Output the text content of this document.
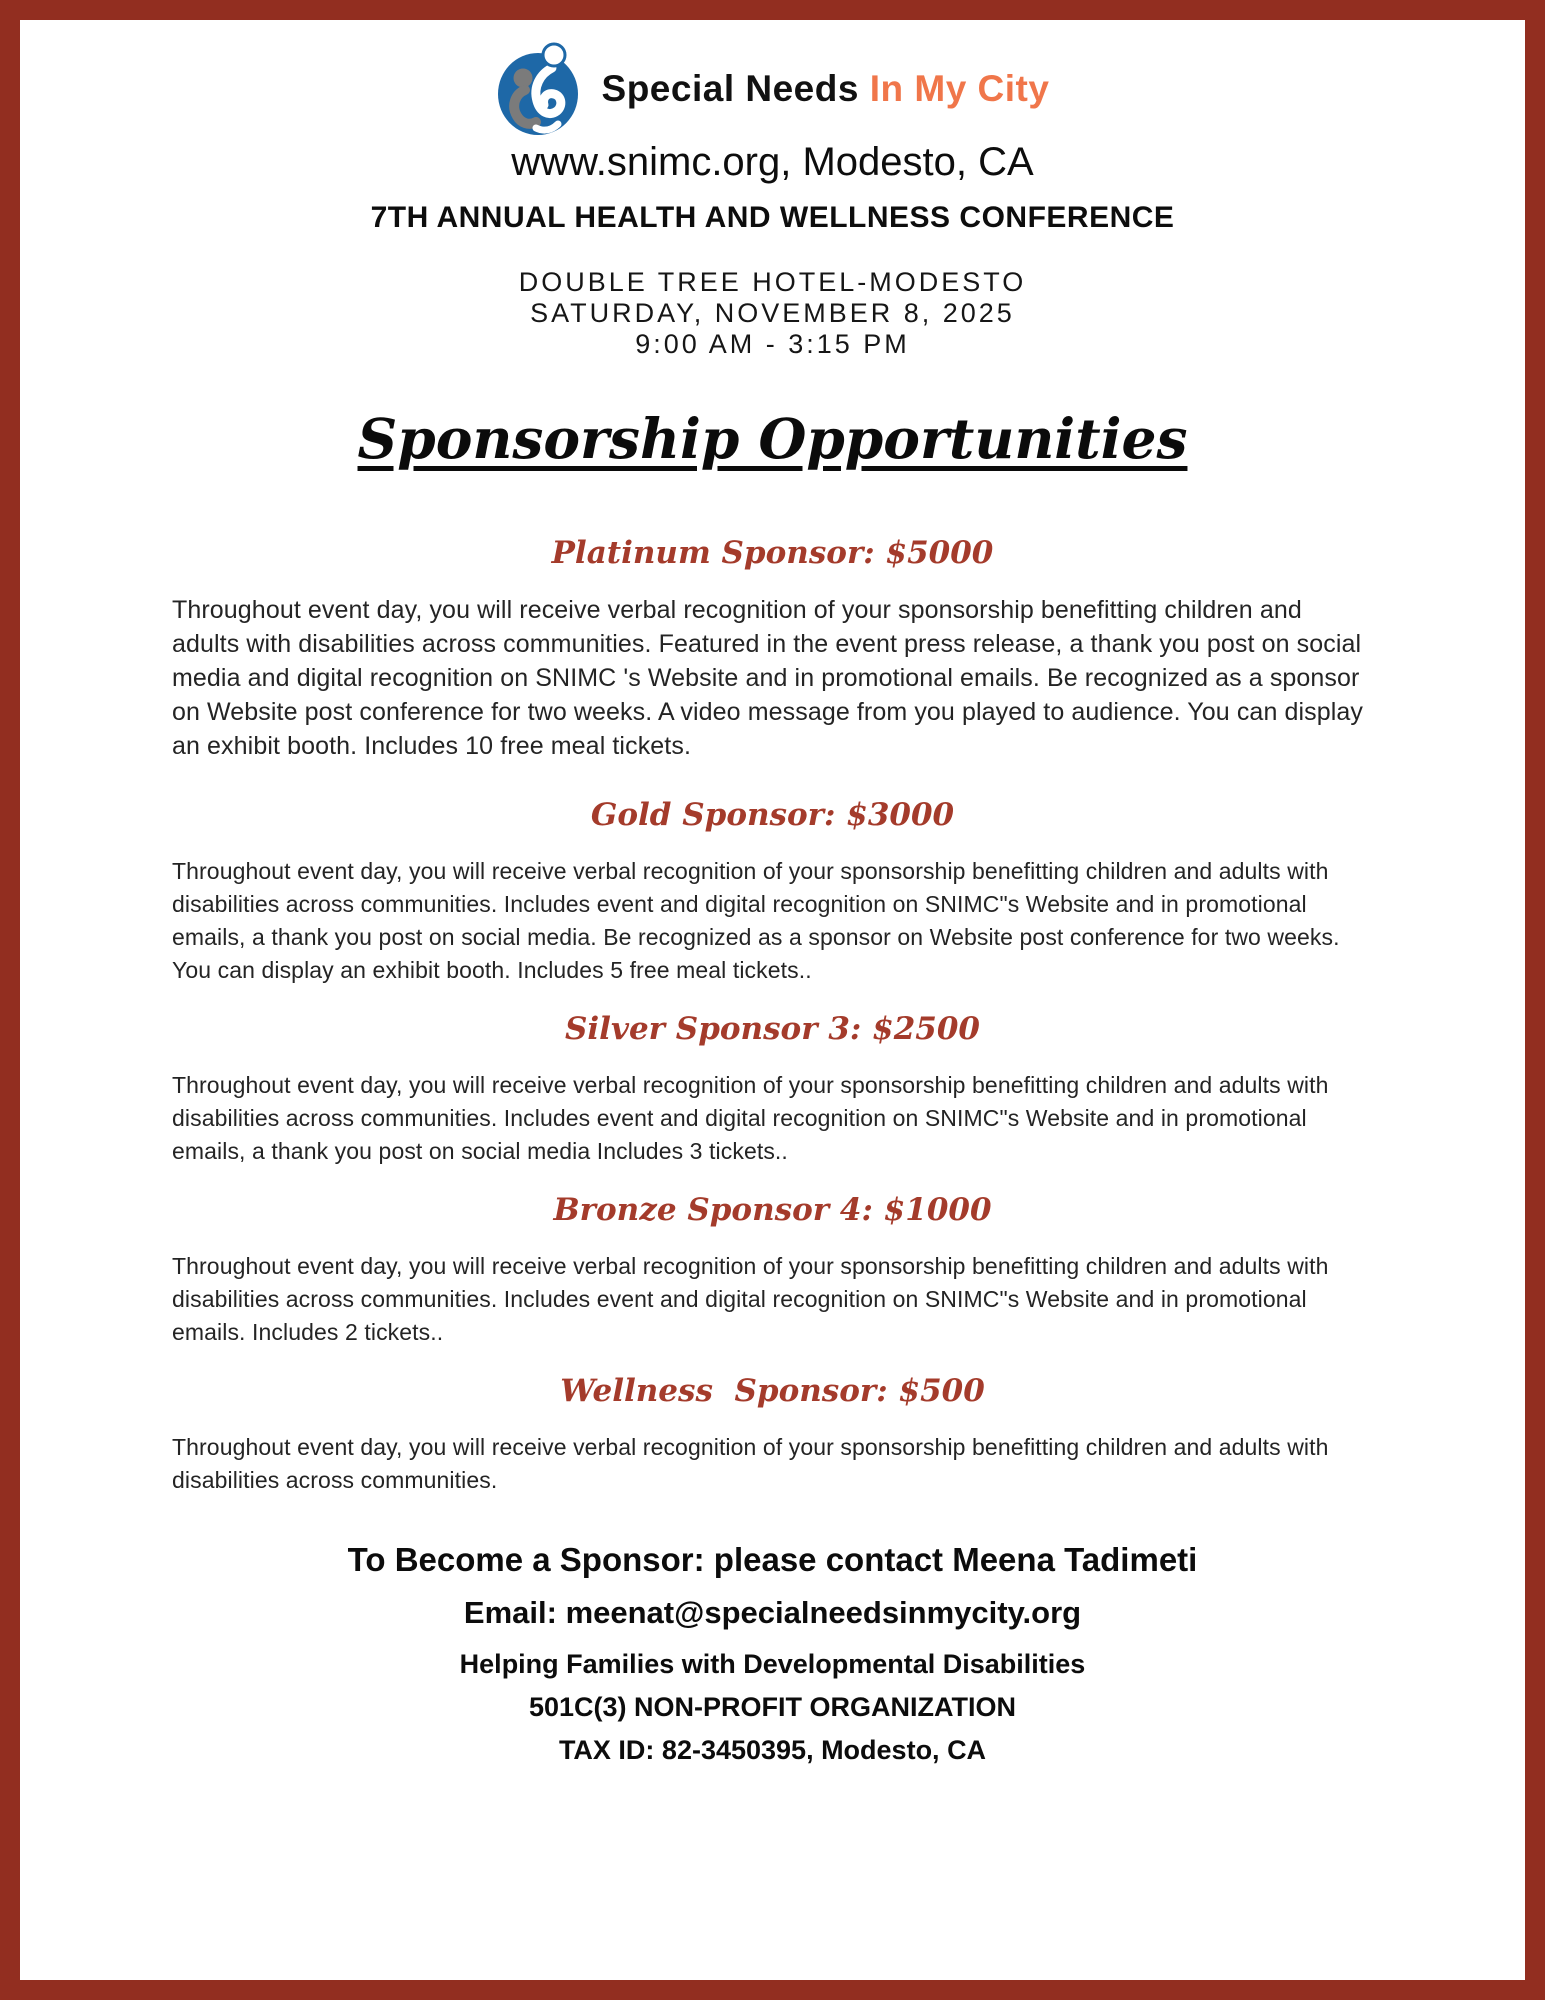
Special Needs In My City
www.snimc.org, Modesto, CA
7TH ANNUAL HEALTH AND WELLNESS CONFERENCE
DOUBLE TREE HOTEL-MODESTO
SATURDAY, NOVEMBER 8, 2025
9:00 AM - 3:15 PM
Sponsorship Opportunities
Platinum Sponsor: $5000

Throughout event day, you will receive verbal recognition of your sponsorship benefitting children and adults with disabilities across communities. Featured in the event press release, a thank you post on social media and digital recognition on SNIMC 's Website and in promotional emails. Be recognized as a sponsor on Website post conference for two weeks. A video message from you played to audience. You can display an exhibit booth. Includes 10 free meal tickets.

Gold Sponsor: $3000

Throughout event day, you will receive verbal recognition of your sponsorship benefitting children and adults with disabilities across communities. Includes event and digital recognition on SNIMC"s Website and in promotional emails, a thank you post on social media. Be recognized as a sponsor on Website post conference for two weeks. You can display an exhibit booth. Includes 5 free meal tickets..

Silver Sponsor 3: $2500

Throughout event day, you will receive verbal recognition of your sponsorship benefitting children and adults with disabilities across communities. Includes event and digital recognition on SNIMC"s Website and in promotional emails, a thank you post on social media Includes 3 tickets..

Bronze Sponsor 4: $1000

Throughout event day, you will receive verbal recognition of your sponsorship benefitting children and adults with disabilities across communities. Includes event and digital recognition on SNIMC"s Website and in promotional emails. Includes 2 tickets..

Wellness  Sponsor: $500

Throughout event day, you will receive verbal recognition of your sponsorship benefitting children and adults with disabilities across communities.

To Become a Sponsor: please contact Meena Tadimeti
Email: meenat@specialneedsinmycity.org
Helping Families with Developmental Disabilities
501C(3) NON-PROFIT ORGANIZATION
TAX ID: 82-3450395, Modesto, CA
